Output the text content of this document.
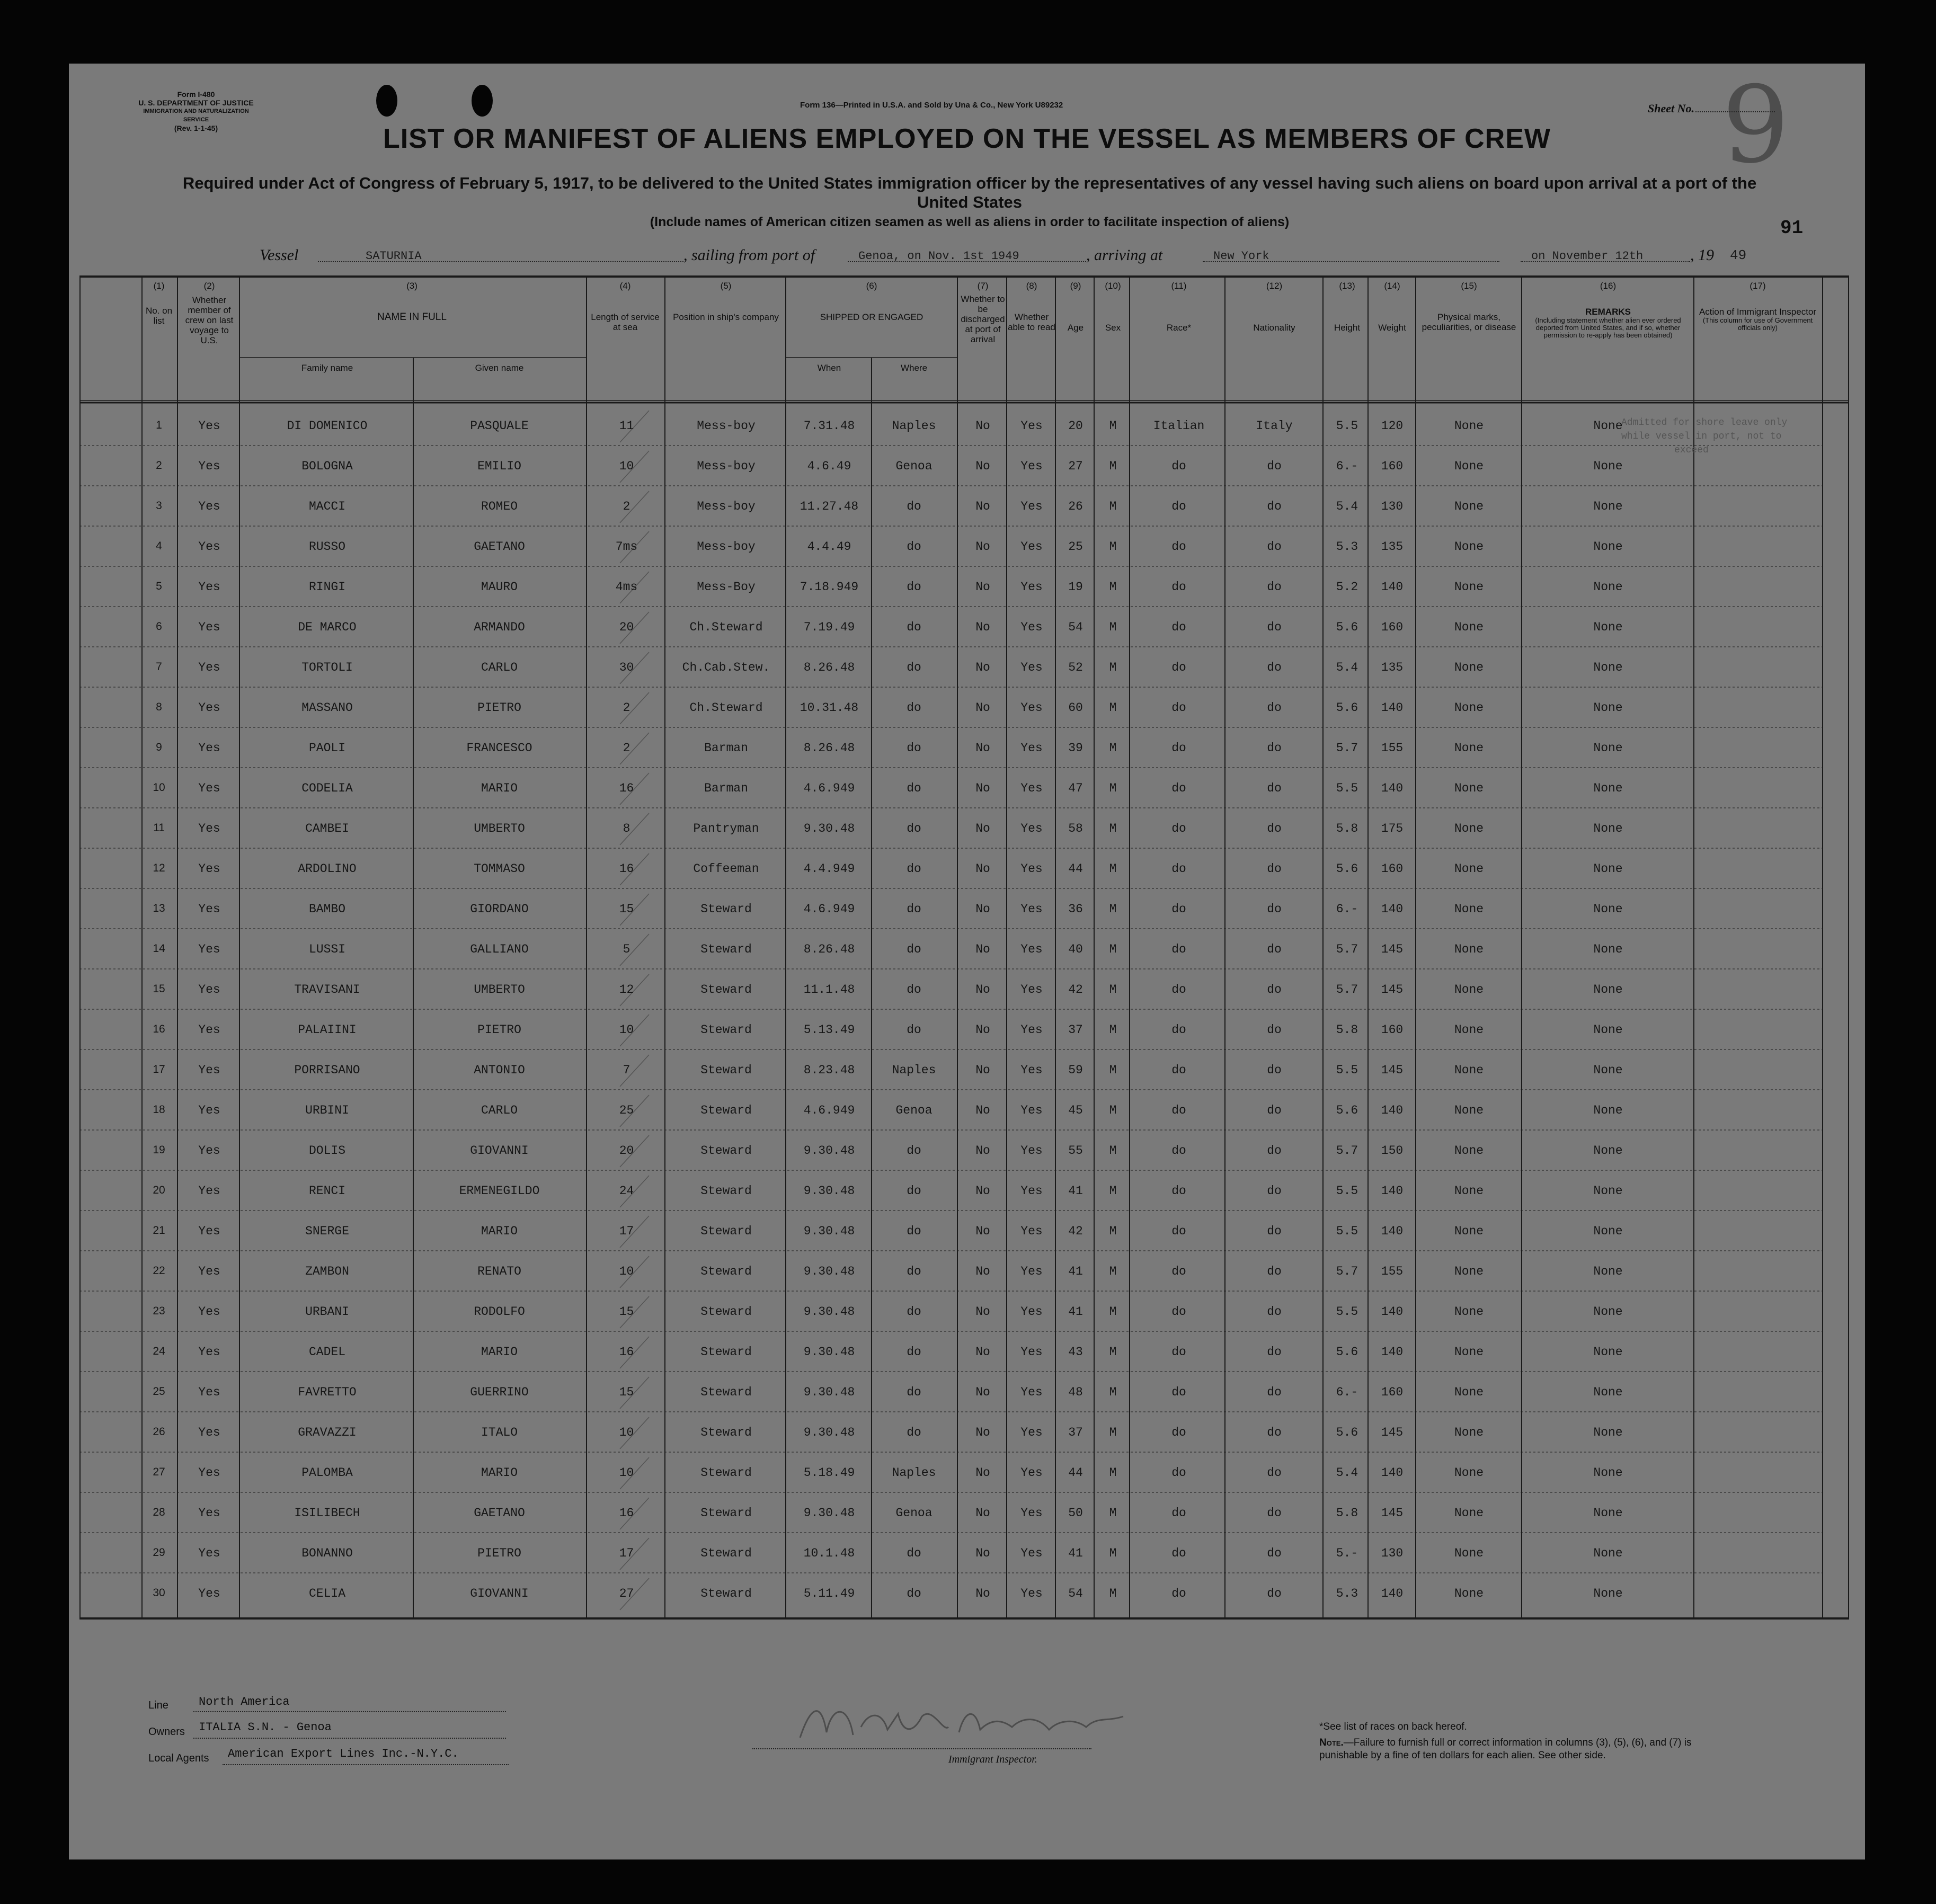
Form I-480
U. S. DEPARTMENT OF JUSTICE
IMMIGRATION AND NATURALIZATION SERVICE
(Rev. 1-1-45)
Form 136—Printed in U.S.A. and Sold by Una & Co., New York U89232	Sheet No. 9
91
LIST OR MANIFEST OF ALIENS EMPLOYED ON THE VESSEL AS MEMBERS OF CREW
Required under Act of Congress of February 5, 1917, to be delivered to the United States immigration officer by the representatives of any vessel having such aliens on board upon arrival at a port of the United States
(Include names of American citizen seamen as well as aliens in order to facilitate inspection of aliens)
Vessel	SATURNIA	, sailing from port of	Genoa, on Nov. 1st 1949	, arriving at	New York	on November 12th	, 19 49
(1)
No. on list
(2)
Whether member of crew on last voyage to U.S.
(3)
NAME IN FULL
Family name	Given name
(4)
Length of service at sea
(5)
Position in ship's company
(6)
SHIPPED OR ENGAGED
When	Where
(7)
Whether to be discharged at port of arrival
(8)
Whether able to read
(9)
Age
(10)
Sex
(11)
Race*
(12)
Nationality
(13)
Height
(14)
Weight
(15)
Physical marks, peculiarities, or disease
(16)
REMARKS
(Including statement whether alien ever ordered deported from United States, and if so, whether permission to re-apply has been obtained)
(17)
Action of Immigrant Inspector
(This column for use of Government officials only)
Admitted for shore leave only
while vessel in port, not to
exceed
1	Yes	DI DOMENICO	PASQUALE	11	Mess-boy	7.31.48	Naples	No	Yes	20	M	Italian	Italy	5.5	120	None	None
2	Yes	BOLOGNA	EMILIO	10	Mess-boy	4.6.49	Genoa	No	Yes	27	M	do	do	6.-	160	None	None
3	Yes	MACCI	ROMEO	2	Mess-boy	11.27.48	do	No	Yes	26	M	do	do	5.4	130	None	None
4	Yes	RUSSO	GAETANO	7ms	Mess-boy	4.4.49	do	No	Yes	25	M	do	do	5.3	135	None	None
5	Yes	RINGI	MAURO	4ms	Mess-Boy	7.18.949	do	No	Yes	19	M	do	do	5.2	140	None	None
6	Yes	DE MARCO	ARMANDO	20	Ch.Steward	7.19.49	do	No	Yes	54	M	do	do	5.6	160	None	None
7	Yes	TORTOLI	CARLO	30	Ch.Cab.Stew.	8.26.48	do	No	Yes	52	M	do	do	5.4	135	None	None
8	Yes	MASSANO	PIETRO	2	Ch.Steward	10.31.48	do	No	Yes	60	M	do	do	5.6	140	None	None
9	Yes	PAOLI	FRANCESCO	2	Barman	8.26.48	do	No	Yes	39	M	do	do	5.7	155	None	None
10	Yes	CODELIA	MARIO	16	Barman	4.6.949	do	No	Yes	47	M	do	do	5.5	140	None	None
11	Yes	CAMBEI	UMBERTO	8	Pantryman	9.30.48	do	No	Yes	58	M	do	do	5.8	175	None	None
12	Yes	ARDOLINO	TOMMASO	16	Coffeeman	4.4.949	do	No	Yes	44	M	do	do	5.6	160	None	None
13	Yes	BAMBO	GIORDANO	15	Steward	4.6.949	do	No	Yes	36	M	do	do	6.-	140	None	None
14	Yes	LUSSI	GALLIANO	5	Steward	8.26.48	do	No	Yes	40	M	do	do	5.7	145	None	None
15	Yes	TRAVISANI	UMBERTO	12	Steward	11.1.48	do	No	Yes	42	M	do	do	5.7	145	None	None
16	Yes	PALAIINI	PIETRO	10	Steward	5.13.49	do	No	Yes	37	M	do	do	5.8	160	None	None
17	Yes	PORRISANO	ANTONIO	7	Steward	8.23.48	Naples	No	Yes	59	M	do	do	5.5	145	None	None
18	Yes	URBINI	CARLO	25	Steward	4.6.949	Genoa	No	Yes	45	M	do	do	5.6	140	None	None
19	Yes	DOLIS	GIOVANNI	20	Steward	9.30.48	do	No	Yes	55	M	do	do	5.7	150	None	None
20	Yes	RENCI	ERMENEGILDO	24	Steward	9.30.48	do	No	Yes	41	M	do	do	5.5	140	None	None
21	Yes	SNERGE	MARIO	17	Steward	9.30.48	do	No	Yes	42	M	do	do	5.5	140	None	None
22	Yes	ZAMBON	RENATO	10	Steward	9.30.48	do	No	Yes	41	M	do	do	5.7	155	None	None
23	Yes	URBANI	RODOLFO	15	Steward	9.30.48	do	No	Yes	41	M	do	do	5.5	140	None	None
24	Yes	CADEL	MARIO	16	Steward	9.30.48	do	No	Yes	43	M	do	do	5.6	140	None	None
25	Yes	FAVRETTO	GUERRINO	15	Steward	9.30.48	do	No	Yes	48	M	do	do	6.-	160	None	None
26	Yes	GRAVAZZI	ITALO	10	Steward	9.30.48	do	No	Yes	37	M	do	do	5.6	145	None	None
27	Yes	PALOMBA	MARIO	10	Steward	5.18.49	Naples	No	Yes	44	M	do	do	5.4	140	None	None
28	Yes	ISILIBECH	GAETANO	16	Steward	9.30.48	Genoa	No	Yes	50	M	do	do	5.8	145	None	None
29	Yes	BONANNO	PIETRO	17	Steward	10.1.48	do	No	Yes	41	M	do	do	5.-	130	None	None
30	Yes	CELIA	GIOVANNI	27	Steward	5.11.49	do	No	Yes	54	M	do	do	5.3	140	None	None
Line	North America
Owners ITALIA S.N. - Genoa
Local Agents American Export Lines Inc.-N.Y.C.	Immigrant Inspector.
*See list of races on back hereof.
Note.—Failure to furnish full or correct information in columns (3), (5), (6), and (7) is punishable by a fine of ten dollars for each alien. See other side.
